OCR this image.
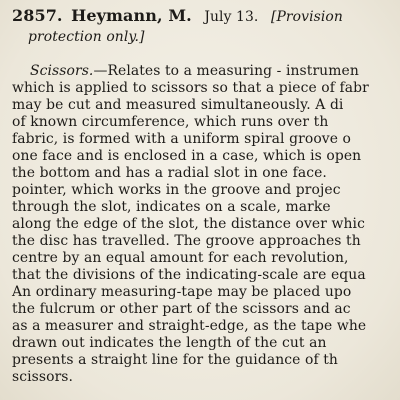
2857. Heymann, M. July 13. [Provision
protection only.]
Scissors.—Relates to a measuring - instrumen
which is applied to scissors so that a piece of fabr
may be cut and measured simultaneously. A di
of known circumference, which runs over th
fabric, is formed with a uniform spiral groove o
one face and is enclosed in a case, which is open
the bottom and has a radial slot in one face.
pointer, which works in the groove and projec
through the slot, indicates on a scale, marke
along the edge of the slot, the distance over whic
the disc has travelled. The groove approaches th
centre by an equal amount for each revolution,
that the divisions of the indicating-scale are equa
An ordinary measuring-tape may be placed upo
the fulcrum or other part of the scissors and ac
as a measurer and straight-edge, as the tape whe
drawn out indicates the length of the cut an
presents a straight line for the guidance of th
scissors.
